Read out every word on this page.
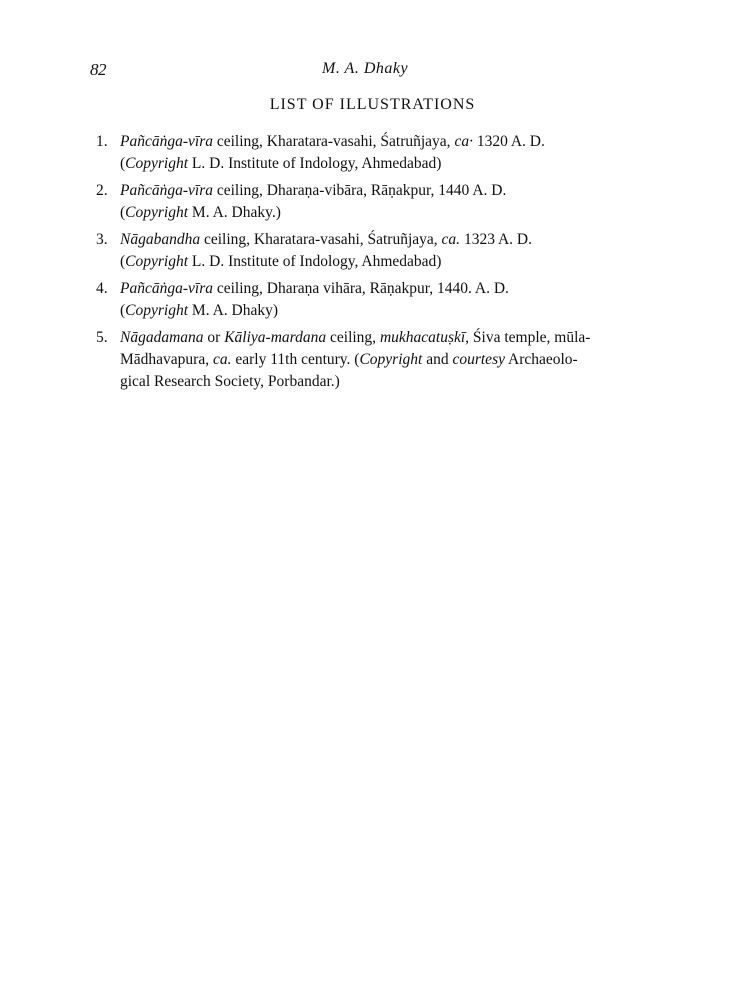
82	M. A. Dhaky
LIST OF ILLUSTRATIONS
1. Pañcāṅga-vīra ceiling, Kharatara-vasahi, Śatruñjaya, ca· 1320 A. D.
(Copyright L. D. Institute of Indology, Ahmedabad)
2. Pañcāṅga-vīra ceiling, Dharaṇa-vibāra, Rāṇakpur, 1440 A. D.
(Copyright M. A. Dhaky.)
3. Nāgabandha ceiling, Kharatara-vasahi, Śatruñjaya, ca. 1323 A. D.
(Copyright L. D. Institute of Indology, Ahmedabad)
4. Pañcāṅga-vīra ceiling, Dharaṇa vihāra, Rāṇakpur, 1440. A. D.
(Copyright M. A. Dhaky)
5. Nāgadamana or Kāliya-mardana ceiling, mukhacatuṣkī, Śiva temple, mūla-
Mādhavapura, ca. early 11th century. (Copyright and courtesy Archaeolo-
gical Research Society, Porbandar.)
